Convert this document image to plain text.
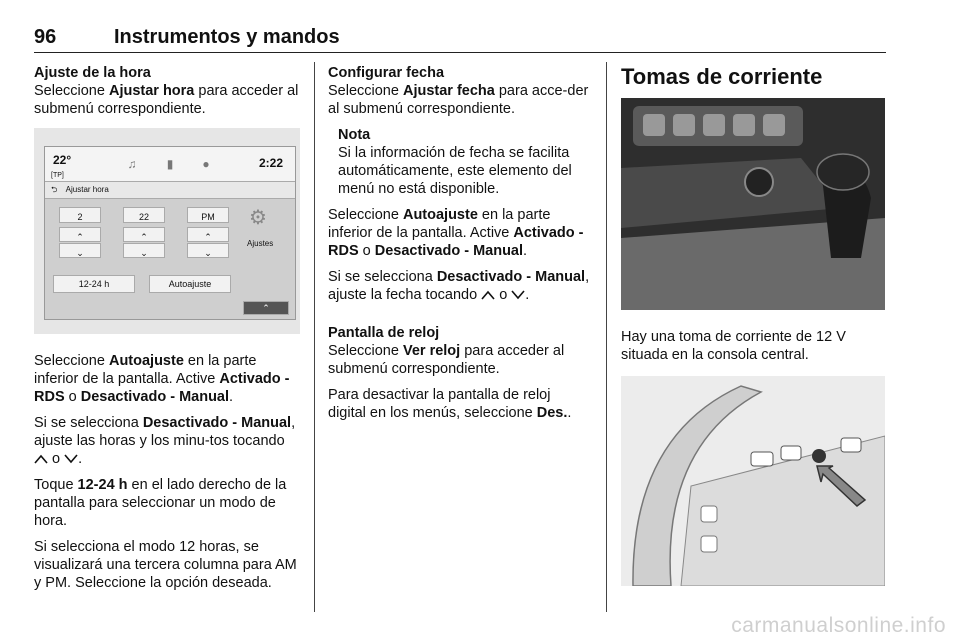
96	Instrumentos y mandos

Ajuste de la hora

Seleccione Ajustar hora para acceder al submenú correspondiente.

22°
[TP]
♫	▮	●	2:22
⮌ Ajustar hora
2	22	PM
⌃	⌃	⌃
⌄	⌄	⌄
12-24 h	Autoajuste
⚙
Ajustes
⌃

Seleccione Autoajuste en la parte inferior de la pantalla. Active Activado - RDS o Desactivado - Manual.

Si se selecciona Desactivado - Manual, ajuste las horas y los minu-tos tocando  o .

Toque 12-24 h en el lado derecho de la pantalla para seleccionar un modo de hora.

Si selecciona el modo 12 horas, se visualizará una tercera columna para AM y PM. Seleccione la opción deseada.

Configurar fecha

Seleccione Ajustar fecha para acce-der al submenú correspondiente.

Nota
Si la información de fecha se facilita automáticamente, este elemento del menú no está disponible.

Seleccione Autoajuste en la parte inferior de la pantalla. Active Activado - RDS o Desactivado - Manual.

Si se selecciona Desactivado - Manual, ajuste la fecha tocando  o .

Pantalla de reloj

Seleccione Ver reloj para acceder al submenú correspondiente.

Para desactivar la pantalla de reloj digital en los menús, seleccione Des..

Tomas de corriente

Hay una toma de corriente de 12 V situada en la consola central.

carmanualsonline.info
